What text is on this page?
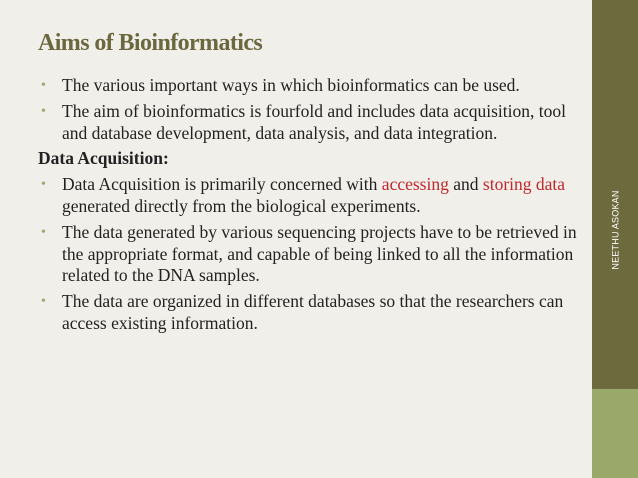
NEETHU ASOKAN
Aims of Bioinformatics
• The various important ways in which bioinformatics can be used.
• The aim of bioinformatics is fourfold and includes data acquisition, tool and database development, data analysis, and data integration.
Data Acquisition:
• Data Acquisition is primarily concerned with accessing and storing data generated directly from the biological experiments.
• The data generated by various sequencing projects have to be retrieved in the appropriate format, and capable of being linked to all the information related to the DNA samples.
• The data are organized in different databases so that the researchers can access existing information.
